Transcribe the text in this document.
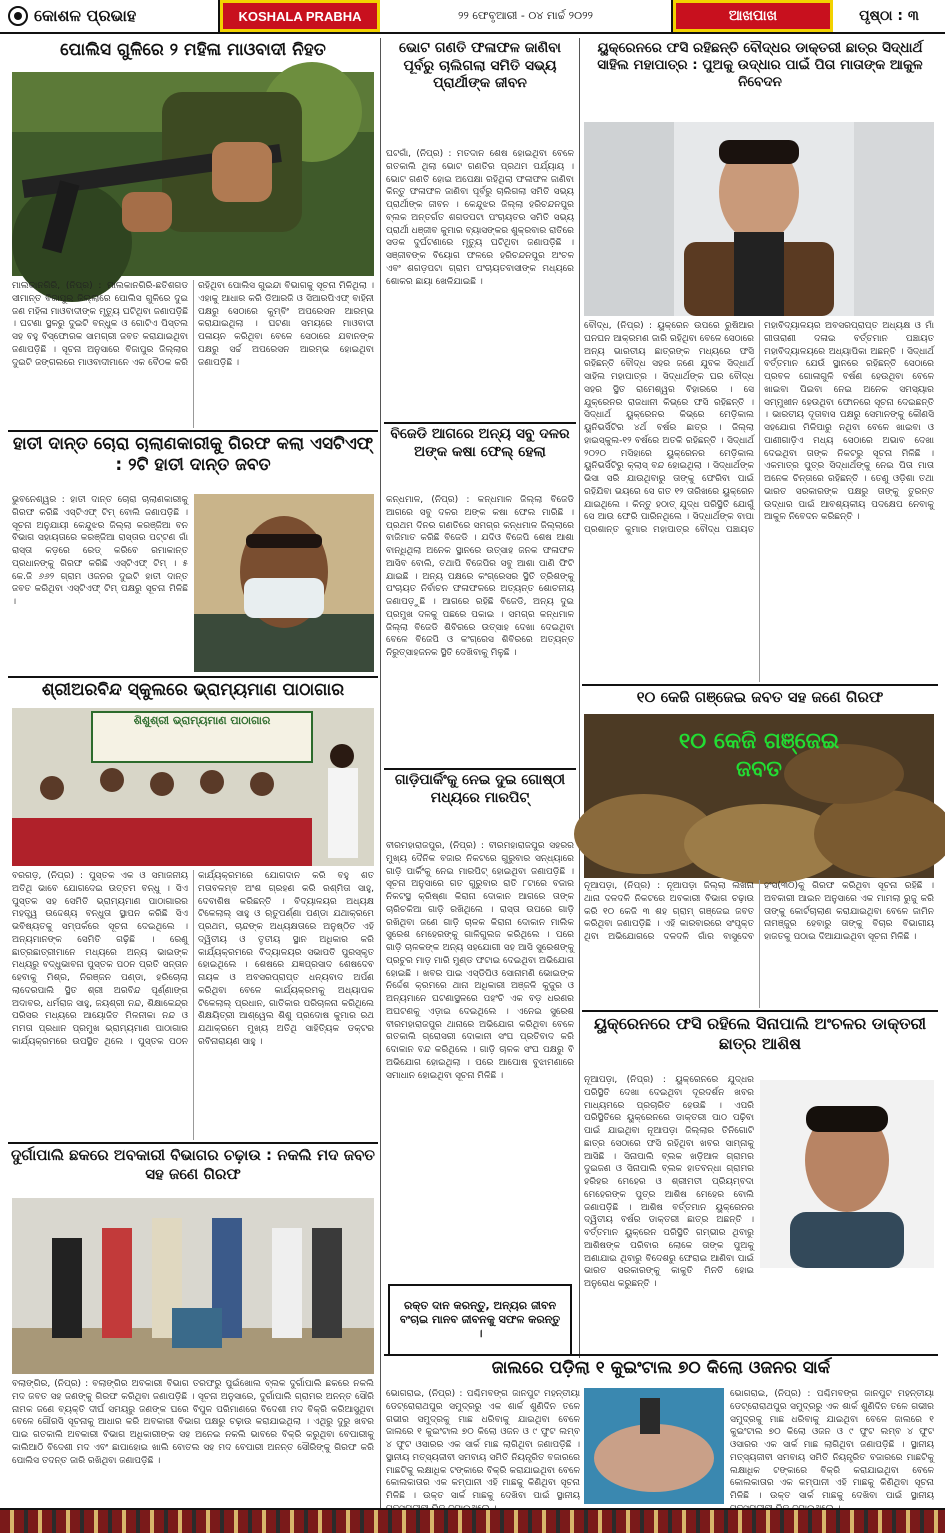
କୋଶଳ ପ୍ରଭାହ	KOSHALA PRABHA	୨୨ ଫେବୃଆରୀ - ୦୪ ମାର୍ଚ୍ଚ ୨୦୨୨	ଆଖପାଖ	ପୃଷ୍ଠା : ୩
ପୋଲିସ ଗୁଳିରେ ୨ ମହିଳା ମାଓବାଦୀ ନିହତ
ମାଲକାନଗିରି, (ନିପ୍ର) : ମାଲକାନଗିରି-ଛତିଶଗଡ ସୀମାନ୍ତ ବିଜାପୁର ଜିଲ୍ଲାରେ ପୋଲିସ ଗୁଳିରେ ଦୁଇ ଜଣ ମହିଳା ମାଓବାଦୀଙ୍କ ମୃତ୍ୟୁ ଘଟିଥିବା ଜଣାପଡ଼ିଛି । ଘଟଣା ସ୍ଥଳରୁ ଦୁଇଟି ବନ୍ଧୁକ ଓ ଗୋଟିଏ ପିସ୍ତଲ ସହ ବହୁ ବିସ୍ଫୋରକ ସାମଗ୍ରୀ ଜବତ କରାଯାଇଥିବା ଜଣାପଡ଼ିଛି । ସୂଚନା ଅନୁସାରେ ବିଜାପୁର ଜିଲ୍ଲାର ଦୁଇଟି ଜଙ୍ଗଲରେ ମାଓବାଦୀମାନେ ଏକ ବୈଠକ କରି ରହିଥିବା ପୋଲିସ ଗୁଇନ୍ଦା ବିଭାଗକୁ ସୂଚନା ମିଳିଥିଲା । ଏହାକୁ ଆଧାର କରି ଡିଆରଜି ଓ ସିଆରପିଏଫ୍ ବାହିନୀ ପକ୍ଷରୁ ସେଠାରେ କୁମ୍ବିଂ ଅପରେସନ ଆରମ୍ଭ କରାଯାଇଥିଲା । ଘଟଣା ସମୟରେ ମାଓବାଦୀ ପଳାୟନ କରିଥିବା ବେଳେ ସେଠାରେ ଯବାନଙ୍କ ପକ୍ଷରୁ ସର୍ଚ୍ଚ ଅପରେସନ ଆରମ୍ଭ ହୋଇଥିବା ଜଣାପଡ଼ିଛି ।
ହାତୀ ଦାନ୍ତ ଚୋରା ଚାଲାଣକାରୀକୁ ଗିରଫ କଲା ଏସଟିଏଫ୍ : ୨ଟି ହାତୀ ଦାନ୍ତ ଜବତ
ଭୁବନେଶ୍ୱର : ହାତୀ ଦାନ୍ତ ଚୋରା ଚାଲାଣକାରୀକୁ ଗିରଫ କରିଛି ଏସ୍‌ଟିଏଫ୍ ଟିମ୍ ବୋଲି ଜଣାପଡ଼ିଛି । ସୂଚନା ଅନୁଯାୟୀ କେନ୍ଦୁଝର ଜିଲ୍ଲା କରଞ୍ଜିଆ ବନ ବିଭାଗ ସହାୟତାରେ କରଞ୍ଜିଆ ରାସ୍ତାର ପଟ୍ଟଣ ଗାଁ ରାସ୍ତା କଡ଼ରେ ରେଡ୍ କରିବେ ରମାକାନ୍ତ ପ୍ରଧାନଙ୍କୁ ଗିରଫ କରିଛି ଏସ୍‌ଟିଏଫ୍ ଟିମ୍ । ୫ କେ.ଜି ୬୬୨ ଗ୍ରାମ ଓଜନର ଦୁଇଟି ହାତୀ ଦାନ୍ତ ଜବତ କରିଥିବା ଏସ୍‌ଟିଏଫ୍ ଟିମ୍ ପକ୍ଷରୁ ସୂଚନା ମିଳିଛି ।
ଶ୍ରୀଅରବିନ୍ଦ ସ୍କୁଲରେ ଭ୍ରାମ୍ୟମାଣ ପାଠାଗାର
ଶିଶୁଶ୍ରୀ ଭ୍ରାମ୍ୟମାଣ ପାଠାଗାର
ବରଗଡ଼, (ନିପ୍ର) : ପୁସ୍ତକ ଏକ ଓ ସମାଜନୀୟ ଅତିଥି ଭାବେ ଯୋଗଦେଇ ଉତ୍ତମ ବନ୍ଧୁ । ସିଏ ପୁସ୍ତକ ସହ ସେମିତି ଭ୍ରାମ୍ୟମାଣ ପାଠାଗାରର ମହତ୍ତ୍ୱ ଉଦ୍ଦେଶ୍ୟ ବନ୍ଧୁତା ସ୍ଥାପନ କରିଛି ସିଏ ଭବିଷ୍ୟତକୁ ସମ୍ପର୍କରେ ସୂଚନା ଦେଇଥିଲେ । ଅନ୍ୟମାନଙ୍କ ସେମିତି ଗଢ଼ିଛି । ରେଣୁ ଛାତ୍ରଛାତ୍ରୀମାନେ ମଧ୍ୟରେ ଅନ୍ୟ ଭାଇଙ୍କ ମଧ୍ୟରୁ ବଦ୍ଧୁଭାବନା ପୁସ୍ତକ ପଠନ ପ୍ରତି ସନ୍ତାନ ହେବାକୁ ମିଶ୍ର, ନିରଞ୍ଜନ ପଣ୍ଡା, ହରିଚୋଲା ଲାଦେରପାଲି ସ୍ଥିତ ଶ୍ରୀ ଅରବିନ୍ଦ ପୂର୍ଣ୍ଣାଙ୍ଗ ଅଦାବର, ଧର୍ମରାଜ ସାହୁ, ଜୟଶ୍ରୀ ନନ୍ଦ, ଶିକ୍ଷାକେନ୍ଦ୍ର ପରିସର ମଧ୍ୟରେ ଆୟୋଜିତ ମିଳନୀକା ନନ୍ଦ ଓ ମମତା ପ୍ରଧାନ ପ୍ରମୁଖ ଭ୍ରାମ୍ୟମାଣ ପାଠାଗାର କାର୍ଯ୍ୟକ୍ରମରେ ଉପସ୍ଥିତ ଥିଲେ । ପୁସ୍ତକ ପଠନ କାର୍ଯ୍ୟକ୍ରମରେ ଯୋଗଦାନ କରି ବହୁ ଶତ ମତାବଳମ୍ବ ଅଂଶ ଗ୍ରହଣ କରି ରଶ୍ମିତା ସାହୁ, ଦେବାଶିଷ କରିଛନ୍ତି । ବିଦ୍ୟାଳୟର ଅଧ୍ୟକ୍ଷ ଟିକେଲାଲ୍ ସାହୁ ଓ ଋତୁପର୍ଣ୍ଣା ପଣ୍ଡା ଯଥାକ୍ରମେ ପ୍ରଥମ, ଚାନ୍ଦଙ୍କ ଅଧ୍ୟକ୍ଷତାରେ ଅନୁଷ୍ଠିତ ଏହି ଦ୍ୱିତୀୟ ଓ ତୃତୀୟ ସ୍ଥାନ ଅଧିକାର କରି କାର୍ଯ୍ୟକ୍ରମରେ ବିଦ୍ୟାଳୟର ସଭାପତି ପୁରସ୍କୃତ ହୋଇଥିଲେ । ଶେଷରେ ଯଜ୍ଞପ୍ରସାଦ ଶେଷଦେବ ନାୟକ ଓ ଅବସରପ୍ରାପ୍ତ ଧନ୍ୟବାଦ ଅର୍ପଣ କରିଥିବା ବେଳେ କାର୍ଯ୍ୟକ୍ରମକୁ ଅଧ୍ୟାପକ ଟିକେଲାଲ୍ ପ୍ରଧାନ, ଗାତିକାର ପରିଚାଳନା କରିଥିଲେ ଶିକ୍ଷୟିତ୍ରୀ ଆଶ୍ୱେଲ ଶିଶୁ ପ୍ରଦୋଷ କୁମାର ରଥ ଯଥାକ୍ରମେ ମୁଖ୍ୟ ଅତିଥି ସାହିତ୍ୟିକ ଡକ୍ଟର ରବିନାରାୟଣ ସାହୁ ।
ଦୁର୍ଗାପାଲି ଛକରେ ଅବକାରୀ ବିଭାଗର ଚଢ଼ାଉ : ନକଲି ମଦ ଜବତ ସହ ଜଣେ ଗିରଫ
ବଲାଙ୍ଗିର, (ନିପ୍ର) : ବଲାଙ୍ଗିର ଅବକାରୀ ବିଭାଗ ତରଫରୁ ପୁଇଁଖୋଲ ବ୍ଲକ ଦୁର୍ଗାପାଲି ଛକରେ ନକଲି ମଦ ଜବତ ସହ ଜଣଙ୍କୁ ଗିରଫ କରିଥିବା ଜଣାପଡ଼ିଛି । ସୂଚନା ଅନୁସାରେ, ଦୁର୍ଗାପାଲି ଗ୍ରାମର ଅନନ୍ତ ସୌରି ନାମକ ଜଣେ ବ୍ୟକ୍ତି ଦୀର୍ଘ ସମୟରୁ ଜଣଙ୍କ ଘରେ ବିପୁଳ ପରିମାଣରେ ବିଦେଶୀ ମଦ ବିକ୍ରି କରିଆସୁଥିବା ବେଳେ ଗୌରସି ସୂଚନାକୁ ଆଧାର କରି ଅବକାରୀ ବିଭାଗ ପକ୍ଷରୁ ଚଢ଼ାଉ କରାଯାଇଥିଲା । ଏଥିରୁ ଦୁରୁ ଖବର ପାଇ ଗତକାଲି ଅବକାରୀ ବିଭାଗ ଅଧିକାରୀଙ୍କ ସହ ଅନେଇ ନକଲି ଭାବରେ ବିକ୍ରି କରୁଥିବା ବେପାରୀକୁ କାଲିଆଠି ବିଦେଶୀ ମଦ ଏବଂ ଛାପାହୋଇ ଖାଲି ବୋତଲ ସହ ମଦ ବେପାରୀ ଅନନ୍ତ ସୌରିଙ୍କୁ ଗିରଫ କରି ପୋଲିସ ତଦନ୍ତ ଜାରି ରଖିଥିବା ଜଣାପଡ଼ିଛି ।
ଭୋଟ ଗଣତି ଫଳାଫଳ ଜାଣିବା ପୂର୍ବରୁ ଚାଲିଗଲା ସମିତି ସଭ୍ୟ ପ୍ରାର୍ଥୀଙ୍କ ଜୀବନ
ଘଟଗାଁ, (ନିପ୍ର) : ମତଦାନ ଶେଷ ହୋଇଥିବା ବେଳେ ଗତକାଲି ଥିଲା ଭୋଟ ଗଣତିର ପ୍ରଥମ ପର୍ଯ୍ୟାୟ । ଭୋଟ ଗଣତି ହୋଇ ଅପେକ୍ଷା ରହିଥିଲା ଫଳାଫଳ ଜାଣିବା କିନ୍ତୁ ଫଳାଫଳ ଜାଣିବା ପୂର୍ବରୁ ଚାଲିଗଲା ସମିତି ସଭ୍ୟ ପ୍ରାର୍ଥୀଙ୍କ ଜୀବନ । କେନ୍ଦୁଝର ଜିଲ୍ଲା ହରିଚନ୍ଦନପୁର ବ୍ଲକ ଅନ୍ତର୍ଗତ ଶଗଡପଟା ପଂଚାୟତର ସମିତି ସଭ୍ୟ ପ୍ରାର୍ଥୀ ଧଞ୍ଜୀବ କୁମାର ବ୍ୟାସଙ୍କର ଶୁକ୍ରବାର ରାତିରେ ସଡକ ଦୁର୍ଘଟଣାରେ ମୃତ୍ୟୁ ଘଟିଥିବା ଜଣାପଡ଼ିଛି । ସଞ୍ଜୀବଙ୍କ ବିୟୋଗ ଫଳରେ ହରିଚନ୍ଦନପୁର ଅଂଚଳ ଏବଂ ଶଗଡ଼ପଟା ଗ୍ରାମ ପଂଚାୟତବାସୀଙ୍କ ମଧ୍ୟରେ ଶୋକର ଛାୟା ଖେଳିଯାଇଛି ।
ବିଜେଡି ଆଗରେ ଅନ୍ୟ ସବୁ ଦଳର ଅଙ୍କ କଷା ଫେଲ୍ ହେଲା
କନ୍ଧମାଳ, (ନିପ୍ର) : କନ୍ଧମାଳ ଜିଲ୍ଲା ବିଜେଡି ଆଗରେ ସବୁ ଦଳର ଅଙ୍କ କଷା ଫେଲ ମାରିଛି । ପ୍ରଥମ ଦିନର ଗଣତିରେ ସମଗ୍ର କନ୍ଧମାଳ ଜିଲ୍ଲାରେ ବାଜିମାତ କରିଛି ବିଜେଡି । ଯଦିଓ ବିଜେପି ଶେଷ ଆଶା ବାନ୍ଧିଥିଲା ଅନେକ ସ୍ଥାନରେ ଉତ୍ସାହ ଜନକ ଫଳାଫଳ ଆସିବ ବୋଲି, ତଥାପି ବିଜେପିର ସବୁ ଆଶା ପାଣି ଫିଟି ଯାଇଛି । ଅନ୍ୟ ପକ୍ଷରେ କଂଗ୍ରେସର ସ୍ଥିତି ତ୍ରିଶଙ୍କୁ ପଂଚାୟତ ନିର୍ବାଚନ ଫଳାଫଳରେ ଅତ୍ୟନ୍ତ ଶୋଚନୀୟ ଜଣାପଡ଼ୁଛି । ଆଗରେ ରହିଛି ବିଜେଡି, ଅନ୍ୟ ଦୁଇ ପ୍ରମୁଖ ଦଳକୁ ପଛରେ ପକାଇ । ସମଗ୍ର କନ୍ଧମାଳ ଜିଲ୍ଲା ବିଜେଡି ଶିବିରରେ ଉତ୍ସାହ ଦେଖା ଦେଇଥିବା ବେଳେ ବିଜେପି ଓ କଂଗ୍ରେସ ଶିବିରରେ ଅତ୍ୟନ୍ତ ନିରୁତ୍ସାହଜନକ ସ୍ଥିତି ଦେଖିବାକୁ ମିଳୁଛି ।
ଗାଡ଼ିପାର୍କିଂକୁ ନେଇ ଦୁଇ ଗୋଷ୍ଠୀ ମଧ୍ୟରେ ମାରପିଟ୍
ବୀରମହାରାଜପୁର, (ନିପ୍ର) : ବୀରମହାରାଜପୁର ସହରର ମୁଖ୍ୟ ଦୈନିକ ବଜାର ନିକଟରେ ଗୁରୁବାର ସନ୍ଧ୍ୟାରେ ଗାଡ଼ି ପାର୍କିଂକୁ ନେଇ ମାରପିଟ୍ ହୋଇଥିବା ଜଣାପଡ଼ିଛି । ସୂଚନା ଅନୁସାରେ ଗତ ଗୁରୁବାର ରାତି ୮ଟାରେ ବଜାର ନିକଟସ୍ଥ କ୍ରିଷ୍ଣା କିରାନା ଦୋକାନ ଆଗରେ ତାଙ୍କ ଚାରିଚକିଆ ଗାଡ଼ି ରଖିଥିଲେ । ରାସ୍ତା ଉପରେ ଗାଡ଼ି ରଖିଥିବା ଜଣେ ଗାଡ଼ି ଚାଳକ କିରାନା ଦୋକାନ ମାଲିକ ସୁରେଶ ମେହେରଙ୍କୁ ଗାଳିଗୁଲଜ କରିଥିଲେ । ପରେ ଗାଡ଼ି ଚାଳକଙ୍କ ଅନ୍ୟ ସହଯୋଗୀ ସହ ଆସି ସୁରେଶଙ୍କୁ ପ୍ରଚୁର ମାଡ଼ ମାରି ମୁଣ୍ଡ ଫଟାଇ ଦେଇଥିବା ଅଭିଯୋଗ ହୋଇଛି । ଖବର ପାଇ ଏସ୍‌ଡିପିଓ ସୋନାମଣି ଭୋଇଙ୍କ ନିର୍ଦ୍ଦେଶ କ୍ରମରେ ଥାନା ଅଧିକାରୀ ଅଞ୍ଜଳି କୁଜୁର ଓ ଅନ୍ୟମାନେ ଘଟଣାସ୍ଥଳରେ ପହଂଚି ଏକ ବଡ଼ ଧରଣର ଅଘଟଣକୁ ଏଡ଼ାଇ ଦେଇଥିଲେ । ଏନେଇ ସୁରେଶ ବୀରମହାରାଜପୁର ଥାନାରେ ଅଭିଯୋଗ କରିଥିବା ବେଳେ ଗତକାଲି ଗ୍ରୋସରୀ ଦୋକାନୀ ସଂଘ ପ୍ରତିବାଦ କରି ଦୋକାନ ବନ୍ଦ କରିଥିଲେ । ଗାଡ଼ି ଚାଳକ ସଂଘ ପକ୍ଷରୁ ବି ଅଭିଯୋଗ ହୋଇଥିଲା । ପରେ ଆପୋଷ ବୁଝାମଣାରେ ସମାଧାନ ହୋଇଥିବା ସୂଚନା ମିଳିଛି ।
ରକ୍ତ ଦାନ କରନ୍ତୁ, ଅନ୍ୟର ଜୀବନ ବଂଚାଇ ମାନବ ଜୀବନକୁ ସଫଳ କରନ୍ତୁ ।
ୟୁକ୍ରେନରେ ଫସି ରହିଛନ୍ତି ବୌଦ୍ଧର ଡାକ୍ତରୀ ଛାତ୍ର ସିଦ୍ଧାର୍ଥ ସାହିଲ ମହାପାତ୍ର : ପୁଅକୁ ଉଦ୍ଧାର ପାଇଁ ପିତା ମାତାଙ୍କ ଆକୁଳ ନିବେଦନ
ବୌଦ୍ଧ, (ନିପ୍ର) : ୟୁକ୍ରେନ ଉପରେ ରୁଷିଆର ଘନଘନ ଆକ୍ରମଣ ଜାରି ରହିଥିବା ବେଳେ ସେଠାରେ ଅନ୍ୟ ଭାରତୀୟ ଛାତ୍ରଙ୍କ ମଧ୍ୟରେ ଫସି ରହିଛନ୍ତି ବୌଦ୍ଧ ସହର ଜଣେ ଯୁବକ ସିଦ୍ଧାର୍ଥ ସାହିଲ ମହାପାତ୍ର । ସିଦ୍ଧାର୍ଥଙ୍କ ଘର ବୌଦ୍ଧ ସହର ସ୍ଥିତ ରାମେଶ୍ୱର ବିହାରରେ । ସେ ଯୁକ୍ରେନର ରାଜଧାନୀ କିଭ୍‌ରେ ଫସି ରହିଛନ୍ତି । ସିଦ୍ଧାର୍ଥ ୟୁକ୍ରେନର କିଭ୍‌ରେ ମେଡ଼ିକାଲ ୟୁନିଭର୍ସିଟିର ୪ର୍ଥ ବର୍ଷର ଛାତ୍ର । ଜିଲ୍ଲା ହାଇସ୍କୁଲ-୧୨ ବର୍ଷରେ ଅତକି ରହିଛନ୍ତି । ସିଦ୍ଧାର୍ଥ ୨୦୨୦ ମସିହାରେ ୟୁକ୍ରେନର ମେଡ଼ିକାଲ ୟୁନିଭର୍ସିଟିରୁ କ୍ଲାସ୍ ବନ୍ଦ ହୋଇଥିଲା । ସିଦ୍ଧାର୍ଥଙ୍କ ଭିସା ସରି ଯାଉଥିବାରୁ ତାଙ୍କୁ ଫେରିବା ପାଇଁ ରହିଯିବା ଭୟରେ ସେ ଗତ ୧୨ ତାରିଖରେ ୟୁକ୍ରେନ ଯାଇଥିଲେ । କିନ୍ତୁ ହଠାତ୍ ଯୁଦ୍ଧ ପରିସ୍ଥିତି ଯୋଗୁଁ ସେ ଆଉ ଫେରି ପାରିନଥିଲେ । ସିଦ୍ଧାର୍ଥଙ୍କ ବାପା ପ୍ରଶାନ୍ତ କୁମାର ମହାପାତ୍ର ବୌଦ୍ଧ ପଞ୍ଚାୟତ ମହାବିଦ୍ୟାଳୟର ଅବସରପ୍ରାପ୍ତ ଅଧ୍ୟକ୍ଷ ଓ ମାଁ ଗୀତାରାଣୀ ଦଳାଇ ବର୍ତ୍ତମାନ ପଞ୍ଚାୟତ ମହାବିଦ୍ୟାଳୟରେ ଅଧ୍ୟାପିକା ଅଛନ୍ତି । ସିଦ୍ଧାର୍ଥ ବର୍ତ୍ତମାନ ଯେଉଁ ସ୍ଥାନରେ ରହିଛନ୍ତି ସେଠାରେ ପ୍ରବଳ ଗୋଳାଗୁଳି ବର୍ଷଣ ହେଉଥିବା ବେଳେ ଖାଇବା ପିଇବା ନେଇ ଅନେକ ସମସ୍ୟାର ସମ୍ମୁଖୀନ ହେଉଥିବା ଫୋନରେ ସୂଚନା ଦେଇଛନ୍ତି । ଭାରତୀୟ ଦୂତାବାସ ପକ୍ଷରୁ ସେମାନଙ୍କୁ କୌଣସି ସହଯୋଗ ମିଳିପାରୁ ନଥିବା ବେଳେ ଖାଇବା ଓ ପାଣୀଗାଡ଼ିଏ ମଧ୍ୟ ସେଠାରେ ଅଭାବ ଦେଖା ଦେଇଥିବା ତାଙ୍କ ନିକଟରୁ ସୂଚନା ମିଳିଛି । ଏକମାତ୍ର ପୁତ୍ର ସିଦ୍ଧାର୍ଥଙ୍କୁ ନେଇ ପିତା ମାତା ଅନେକ ଚିନ୍ତାରେ ରହିଛନ୍ତି । ତେଣୁ ଓଡ଼ିଶା ତଥା ଭାରତ ସରକାରଙ୍କ ପକ୍ଷରୁ ତାଙ୍କୁ ତୁରନ୍ତ ଉଦ୍ଧାର ପାଇଁ ଆବଶ୍ୟକୀୟ ପଦକ୍ଷେପ ନେବାକୁ ଆକୁଳ ନିବେଦନ କରିଛନ୍ତି ।
୧୦ କେଜି ଗଞ୍ଜେଇ ଜବତ ସହ ଜଣେ ଗିରଫ
୧୦ କେଜି ଗଞ୍ଜେଇ ଜବତ
ନୂଆପଡ଼ା, (ନିପ୍ର) : ନୂଆପଡ଼ା ଜିଲ୍ଲା ଲଖନା ଥାନା ଦଳଦଳି ନିକଟରେ ଅବକାରୀ ବିଭାଗ ଚଢ଼ାଉ କରି ୧୦ କେଜି ୩ ଶହ ଗ୍ରାମ୍ ଗଞ୍ଜେଇ ଜବତ କରିଥିବା ଜଣାପଡ଼ିଛି । ଏହି କାରବାରରେ ସଂପୃକ୍ତ ଥିବା ଅଭିଯୋଗରେ ଦଳଦଳି ଗାଁର ବାସୁଦେବ ହଂସ(୩୦)କୁ ଗିରଫ କରିଥିବା ସୂଚନା ରହିଛି । ଅବକାରୀ ଆଇନ ଅନୁସାରେ ଏକ ମାମଲା ରୁଜୁ କରି ତାଙ୍କୁ କୋର୍ଟଚାଲାଣ କରାଯାଇଥିବା ବେଳେ ଜାମିନ ନାମଞ୍ଜୁର ହେବାରୁ ତାଙ୍କୁ ବିଚାର ବିଭାଗୀୟ ହାଜତକୁ ପଠାଇ ଦିଆଯାଇଥିବା ସୂଚନା ମିଳିଛି ।
ୟୁକ୍ରେନରେ ଫସି ରହିଲେ ସିନାପାଲି ଅଂଚଳର ଡାକ୍ତରୀ ଛାତ୍ର ଆଶିଷ
ନୂଆପଡ଼ା, (ନିପ୍ର) : ୟୁକ୍ରେନରେ ଯୁଦ୍ଧର ପରିସ୍ଥିତି ଦେଖା ଦେଇଥିବା ଦୂରଦର୍ଶନ ଖବର ମାଧ୍ୟମରେ ପ୍ରଚାରିତ ହେଉଛି । ଏପରି ପରିସ୍ଥିତିରେ ୟୁକ୍ରେନରେ ଡାକ୍ତରୀ ପାଠ ପଢ଼ିବା ପାଇଁ ଯାଇଥିବା ନୂଆପଡ଼ା ଜିଲ୍ଲାର ତିନିଗୋଟି ଛାତ୍ର ସେଠାରେ ଫସି ରହିଥିବା ଖବର ସାମ୍ନାକୁ ଆସିଛି । ସିନାପାଲି ବ୍ଲକ ଖଡ଼ିଆଳ ଗ୍ରାମର ଦୁଇଜଣ ଓ ସିନାପାଲି ବ୍ଲକ ହାତବନ୍ଧା ଗ୍ରାମର ହରିହର ମେହେର ଓ ଶ୍ରୀମତୀ ପ୍ରିୟମ୍ବଦା ମେହେରଙ୍କ ପୁତ୍ର ଆଶିଷ ମେହେର ବୋଲି ଜଣାପଡ଼ିଛି । ଆଶିଷ ବର୍ତ୍ତମାନ ୟୁକ୍ରେନର ଦ୍ୱିତୀୟ ବର୍ଷର ଡାକ୍ତରୀ ଛାତ୍ର ଅଛନ୍ତି । ବର୍ତ୍ତମାନ ୟୁକ୍ରେନ ପରିସ୍ଥିତି ଗମ୍ଭୀର ଥିବାରୁ ଆଶିଷଙ୍କ ପରିବାର ଲୋକେ ତାଙ୍କ ପୁଅକୁ ଅଣାଯାଇ ଥିବାରୁ ବିଦେଶରୁ ଫେରାଇ ଆଣିବା ପାଇଁ ଭାରତ ସରକାରଙ୍କୁ କାକୁତି ମିନତି ହୋଇ ଅନୁରୋଧ କରୁଛନ୍ତି ।
ଜାଲରେ ପଡ଼ିଲା ୧ କୁଇଂଟାଲ ୭୦ କିଲୋ ଓଜନର ସାର୍କ
ଭୋଗରାଇ, (ନିପ୍ର) : ପଶ୍ଚିମବଙ୍ଗ ଜାନପୁଟ ମହନ୍ତୀୟା ଡେଟ୍ରୋରାଥପୁର ସମୁଦ୍ରରୁ ଏକ ଶାର୍କ ଶୁଣିଦିନ ତଳେ ଗଭୀର ସମୁଦ୍ରକୁ ମାଛ ଧରିବାକୁ ଯାଇଥିବା ବେଳେ ଜାଲରେ ୧ କୁଇଂଟାଲ ୭୦ କିଲୋ ଓଜନ ଓ ୯ ଫୁଟ ଲମ୍ବ ୪ ଫୁଟ ଓସାରର ଏକ ସାର୍କ ମାଛ ଲାଗିଥିବା ଜଣାପଡ଼ିଛି । ସ୍ଥାନୀୟ ମତ୍ସ୍ୟଜୀବୀ ସମବାୟ ସମିତି ନିୟନ୍ତ୍ରିତ ବଜାରରେ ମାଛଟିକୁ ଲକ୍ଷାଧିକ ଟଙ୍କାରେ ବିକ୍ରି କରାଯାଇଥିବା ବେଳେ କୋଲକାତାର ଏକ କମ୍ପାନୀ ଏହି ମାଛକୁ କିଣିଥିବା ସୂଚନା ମିଳିଛି । ଉକ୍ତ ସାର୍କ ମାଛକୁ ଦେଖିବା ପାଇଁ ସ୍ଥାନୀୟ
ଭୋଗରାଇ, (ନିପ୍ର) : ପଶ୍ଚିମବଙ୍ଗ ଜାନପୁଟ ମହନ୍ତୀୟା ଡେଟ୍ରୋରାଥପୁର ସମୁଦ୍ରରୁ ଏକ ଶାର୍କ ଶୁଣିଦିନ ତଳେ ଗଭୀର ସମୁଦ୍ରକୁ ମାଛ ଧରିବାକୁ ଯାଇଥିବା ବେଳେ ଜାଲରେ ୧ କୁଇଂଟାଲ ୭୦ କିଲୋ ଓଜନ ଓ ୯ ଫୁଟ ଲମ୍ବ ୪ ଫୁଟ ଓସାରର ଏକ ସାର୍କ ମାଛ ଲାଗିଥିବା ଜଣାପଡ଼ିଛି । ସ୍ଥାନୀୟ ମତ୍ସ୍ୟଜୀବୀ ସମବାୟ ସମିତି ନିୟନ୍ତ୍ରିତ ବଜାରରେ ମାଛଟିକୁ ଲକ୍ଷାଧିକ ଟଙ୍କାରେ ବିକ୍ରି କରାଯାଇଥିବା ବେଳେ କୋଲକାତାର ଏକ କମ୍ପାନୀ ଏହି ମାଛକୁ କିଣିଥିବା ସୂଚନା ମିଳିଛି । ଉକ୍ତ ସାର୍କ ମାଛକୁ ଦେଖିବା ପାଇଁ ସ୍ଥାନୀୟ
